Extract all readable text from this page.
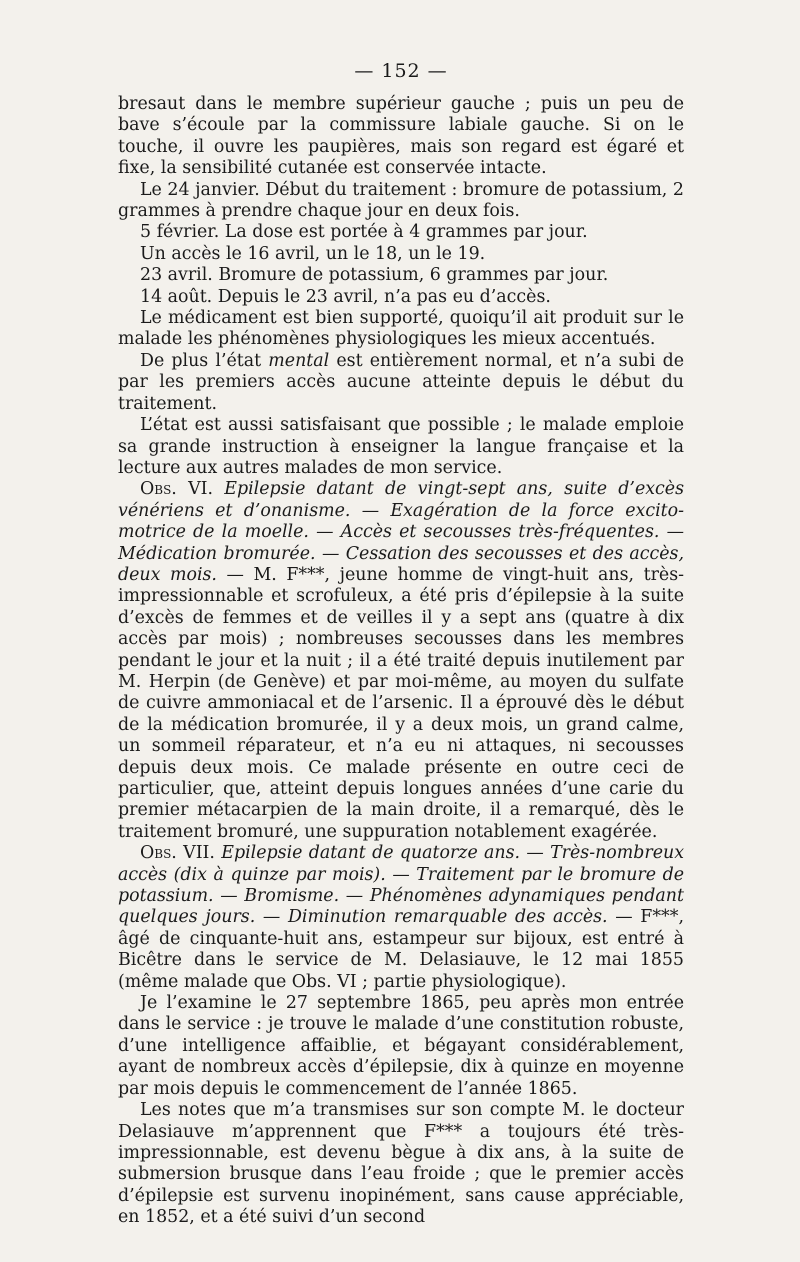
— 152 —

bresaut dans le membre supérieur gauche ; puis un peu de bave s’écoule par la commissure labiale gauche. Si on le touche, il ouvre les paupières, mais son regard est égaré et fixe, la sensibilité cutanée est conservée intacte.

Le 24 janvier. Début du traitement : bromure de potassium, 2 grammes à prendre chaque jour en deux fois.

5 février. La dose est portée à 4 grammes par jour.

Un accès le 16 avril, un le 18, un le 19.

23 avril. Bromure de potassium, 6 grammes par jour.

14 août. Depuis le 23 avril, n’a pas eu d’accès.

Le médicament est bien supporté, quoiqu’il ait produit sur le malade les phénomènes physiologiques les mieux accentués.

De plus l’état mental est entièrement normal, et n’a subi de par les premiers accès aucune atteinte depuis le début du traitement.

L’état est aussi satisfaisant que possible ; le malade emploie sa grande instruction à enseigner la langue française et la lecture aux autres malades de mon service.

Obs. VI. Epilepsie datant de vingt-sept ans, suite d’excès vénériens et d’onanisme. — Exagération de la force excito-motrice de la moelle. — Accès et secousses très-fréquentes. — Médication bromurée. — Cessation des secousses et des accès, deux mois. — M. F***, jeune homme de vingt-huit ans, très-impressionnable et scrofuleux, a été pris d’épilepsie à la suite d’excès de femmes et de veilles il y a sept ans (quatre à dix accès par mois) ; nombreuses secousses dans les membres pendant le jour et la nuit ; il a été traité depuis inutilement par M. Herpin (de Genève) et par moi-même, au moyen du sulfate de cuivre ammoniacal et de l’arsenic. Il a éprouvé dès le début de la médication bromurée, il y a deux mois, un grand calme, un sommeil réparateur, et n’a eu ni attaques, ni secousses depuis deux mois. Ce malade présente en outre ceci de particulier, que, atteint depuis longues années d’une carie du premier métacarpien de la main droite, il a remarqué, dès le traitement bromuré, une suppuration notablement exagérée.

Obs. VII. Epilepsie datant de quatorze ans. — Très-nombreux accès (dix à quinze par mois). — Traitement par le bromure de potassium. — Bromisme. — Phénomènes adynamiques pendant quelques jours. — Diminution remarquable des accès. — F***, âgé de cinquante-huit ans, estampeur sur bijoux, est entré à Bicêtre dans le service de M. Delasiauve, le 12 mai 1855 (même malade que Obs. VI ; partie physiologique).

Je l’examine le 27 septembre 1865, peu après mon entrée dans le service : je trouve le malade d’une constitution robuste, d’une intelligence affaiblie, et bégayant considérablement, ayant de nombreux accès d’épilepsie, dix à quinze en moyenne par mois depuis le commencement de l’année 1865.

Les notes que m’a transmises sur son compte M. le docteur Delasiauve m’apprennent que F*** a toujours été très-impressionnable, est devenu bègue à dix ans, à la suite de submersion brusque dans l’eau froide ; que le premier accès d’épilepsie est survenu inopinément, sans cause appréciable, en 1852, et a été suivi d’un second
